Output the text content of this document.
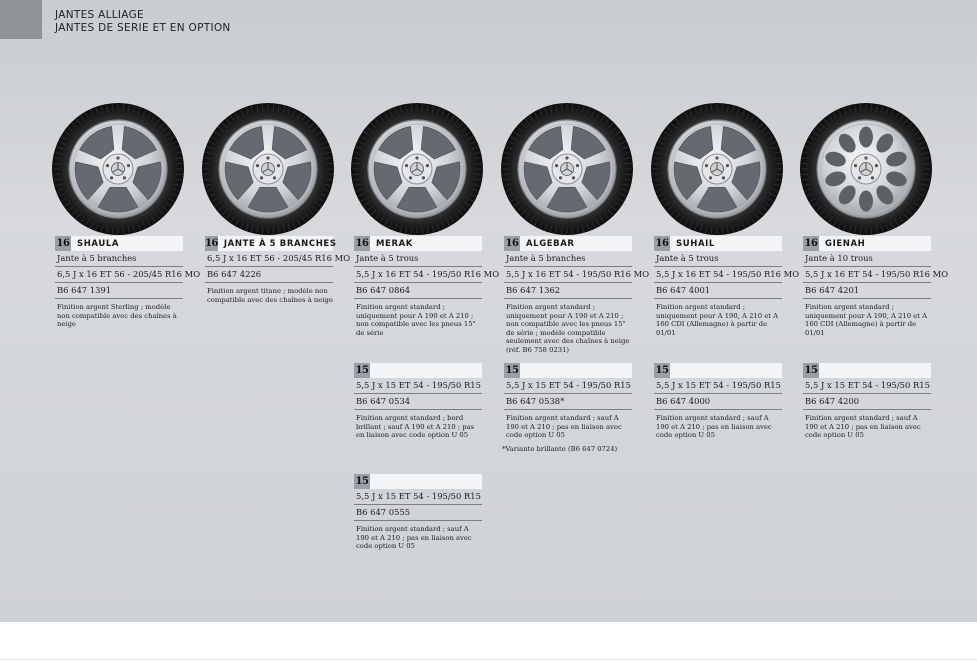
JANTES ALLIAGE
JANTES DE SERIE ET EN OPTION
16 SHAULA
Jante à 5 branches
6,5 J x 16 ET 56 - 205/45 R16 MO
B6 647 1391
Finition argent Sterling ; modèle non compatible avec des chaînes à neige
16 JANTE À 5 BRANCHES
6,5 J x 16 ET 56 - 205/45 R16 MO
B6 647 4226
Finition argent titane ; modèle non compatible avec des chaînes à neige
16 MERAK
Jante à 5 trous
5,5 J x 16 ET 54 - 195/50 R16 MO
B6 647 0864
Finition argent standard ; uniquement pour A 190 et A 210 ; non compatible avec les pneus 15" de série
16 ALGEBAR
Jante à 5 branches
5,5 J x 16 ET 54 - 195/50 R16 MO
B6 647 1362
Finition argent standard ; uniquement pour A 190 et A 210 ; non compatible avec les pneus 15" de série ; modèle compatible seulement avec des chaînes à neige (réf. B6 758 0231)
16 SUHAIL
Jante à 5 trous
5,5 J x 16 ET 54 - 195/50 R16 MO
B6 647 4001
Finition argent standard ; uniquement pour A 190, A 210 et A 160 CDI (Allemagne) à partir de 01/01
16 GIENAH
Jante à 10 trous
5,5 J x 16 ET 54 - 195/50 R16 MO
B6 647 4201
Finition argent standard ; uniquement pour A 190, A 210 et A 160 CDI (Allemagne) à partir de 01/01
15
5,5 J x 15 ET 54 - 195/50 R15
B6 647 0534
Finition argent standard ; bord brillant ; sauf A 190 et A 210 ; pas en liaison avec code option U 05
15
5,5 J x 15 ET 54 - 195/50 R15
B6 647 0538*
Finition argent standard ; sauf A 190 et A 210 ; pas en liaison avec code option U 05
*Variante brillante (B6 647 0724)
15
5,5 J x 15 ET 54 - 195/50 R15
B6 647 4000
Finition argent standard ; sauf A 190 et A 210 ; pas en liaison avec code option U 05
15
5,5 J x 15 ET 54 - 195/50 R15
B6 647 4200
Finition argent standard ; sauf A 190 et A 210 ; pas en liaison avec code option U 05
15
5,5 J x 15 ET 54 - 195/50 R15
B6 647 0555
Finition argent standard ; sauf A 190 et A 210 ; pas en liaison avec code option U 05
